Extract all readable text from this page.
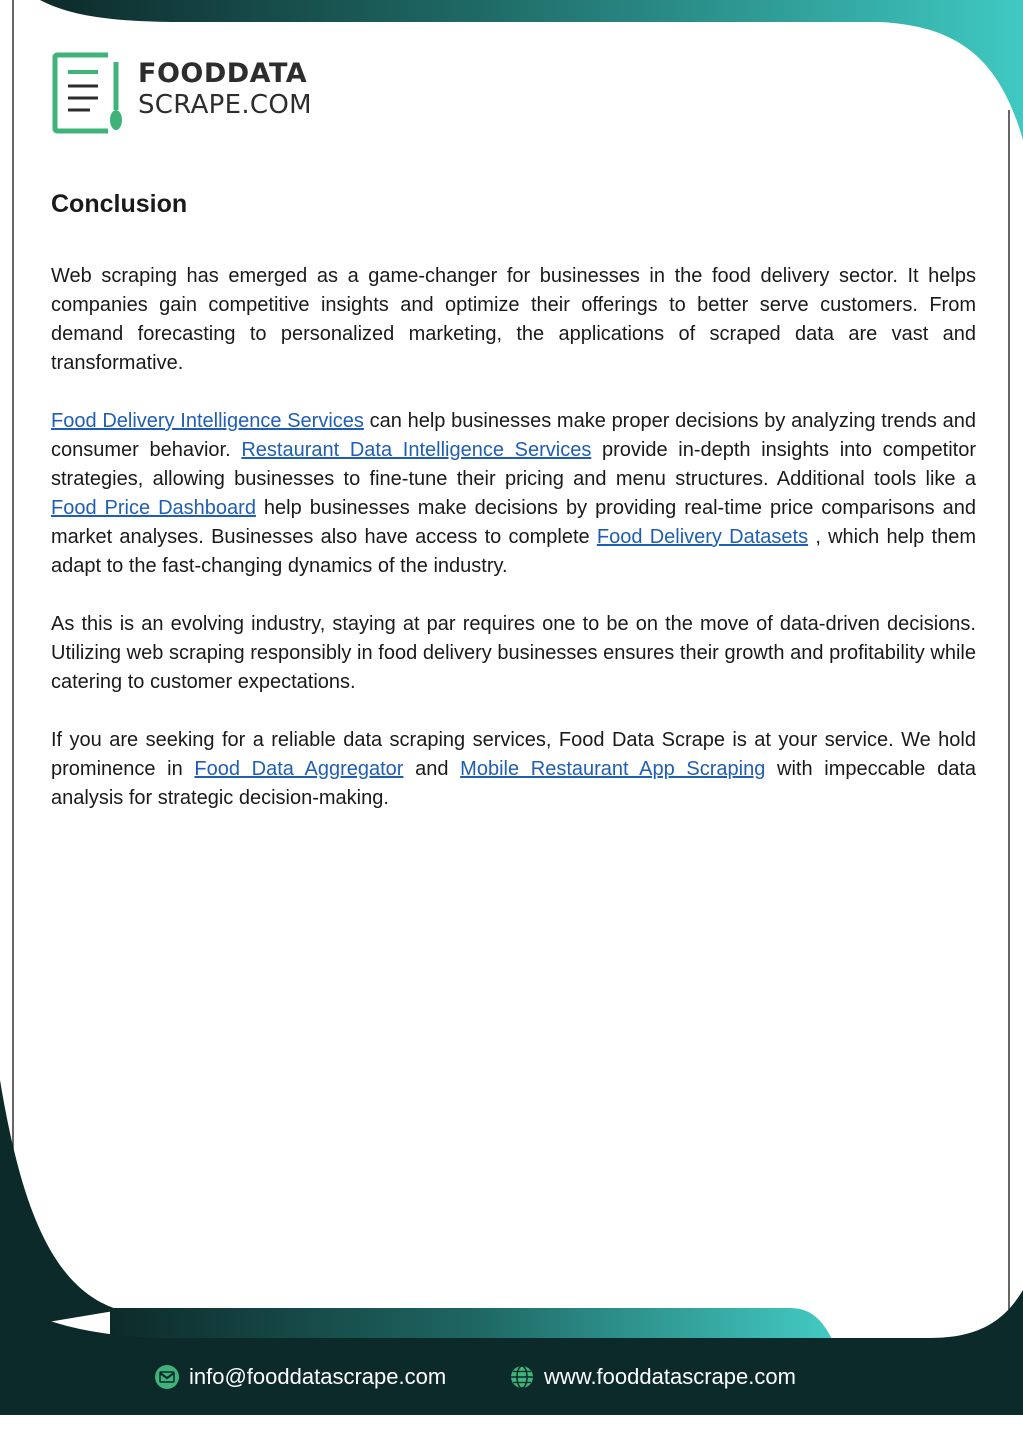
FOODDATA
SCRAPE.COM
Conclusion

Web scraping has emerged as a game-changer for businesses in the food delivery sector. It helps companies gain competitive insights and optimize their offerings to better serve customers. From demand forecasting to personalized marketing, the applications of scraped data are vast and transformative.

Food Delivery Intelligence Services can help businesses make proper decisions by analyzing trends and consumer behavior. Restaurant Data Intelligence Services provide in-depth insights into competitor strategies, allowing businesses to fine-tune their pricing and menu structures. Additional tools like a Food Price Dashboard help businesses make decisions by providing real-time price comparisons and market analyses. Businesses also have access to complete Food Delivery Datasets , which help them adapt to the fast-changing dynamics of the industry.

As this is an evolving industry, staying at par requires one to be on the move of data-driven decisions. Utilizing web scraping responsibly in food delivery businesses ensures their growth and profitability while catering to customer expectations.

If you are seeking for a reliable data scraping services, Food Data Scrape is at your service. We hold prominence in Food Data Aggregator and Mobile Restaurant App Scraping with impeccable data analysis for strategic decision-making.

info@fooddatascrape.com	www.fooddatascrape.com
